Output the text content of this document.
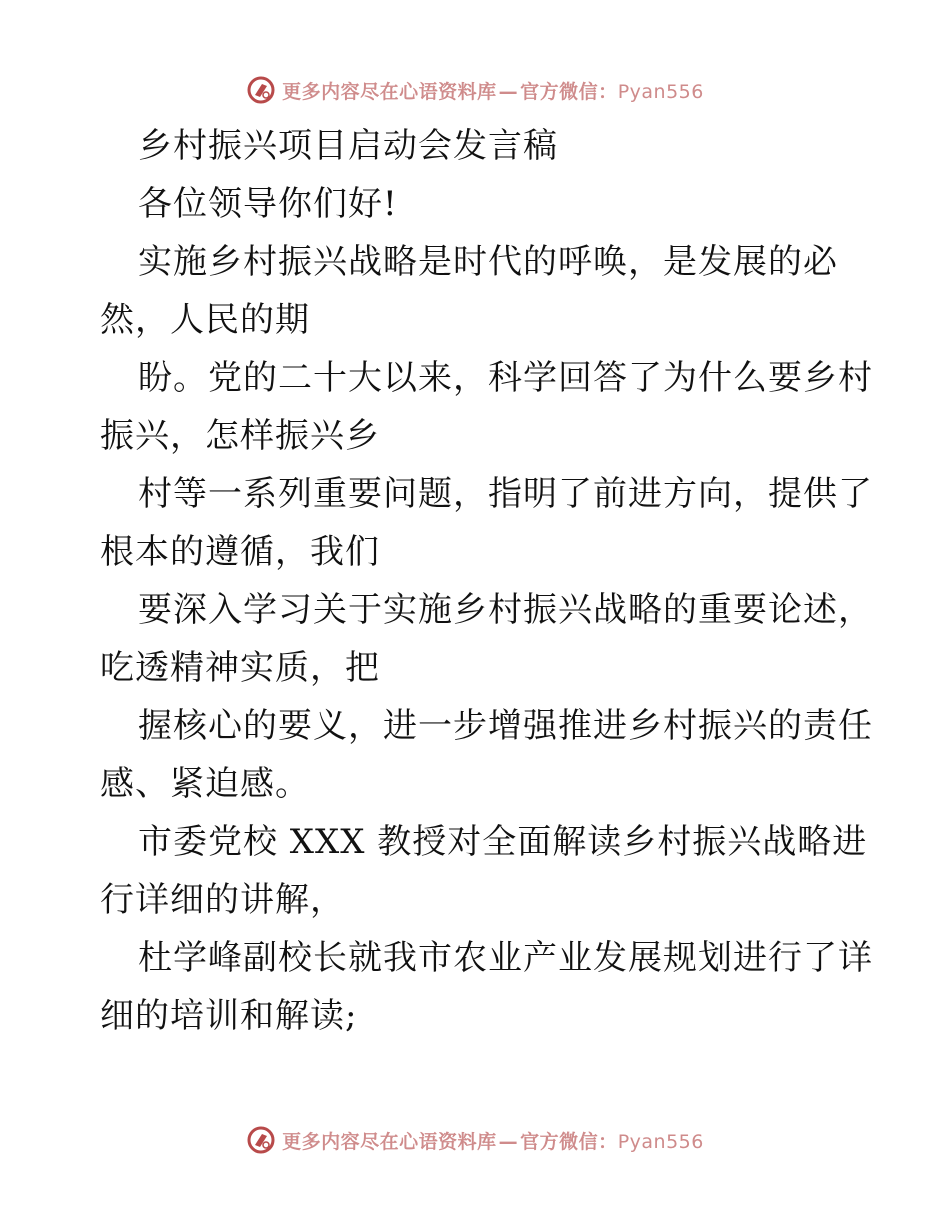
更多内容尽在心语资料库 — 官方微信：Pyan556
乡村振兴项目启动会发言稿
各位领导你们好!
实施乡村振兴战略是时代的呼唤，是发展的必
然，人民的期
盼。党的二十大以来，科学回答了为什么要乡村
振兴，怎样振兴乡
村等一系列重要问题，指明了前进方向，提供了
根本的遵循，我们
要深入学习关于实施乡村振兴战略的重要论述，
吃透精神实质，把
握核心的要义，进一步增强推进乡村振兴的责任
感、紧迫感。
市委党校 XXX 教授对全面解读乡村振兴战略进
行详细的讲解，
杜学峰副校长就我市农业产业发展规划进行了详
细的培训和解读;
更多内容尽在心语资料库 — 官方微信：Pyan556
